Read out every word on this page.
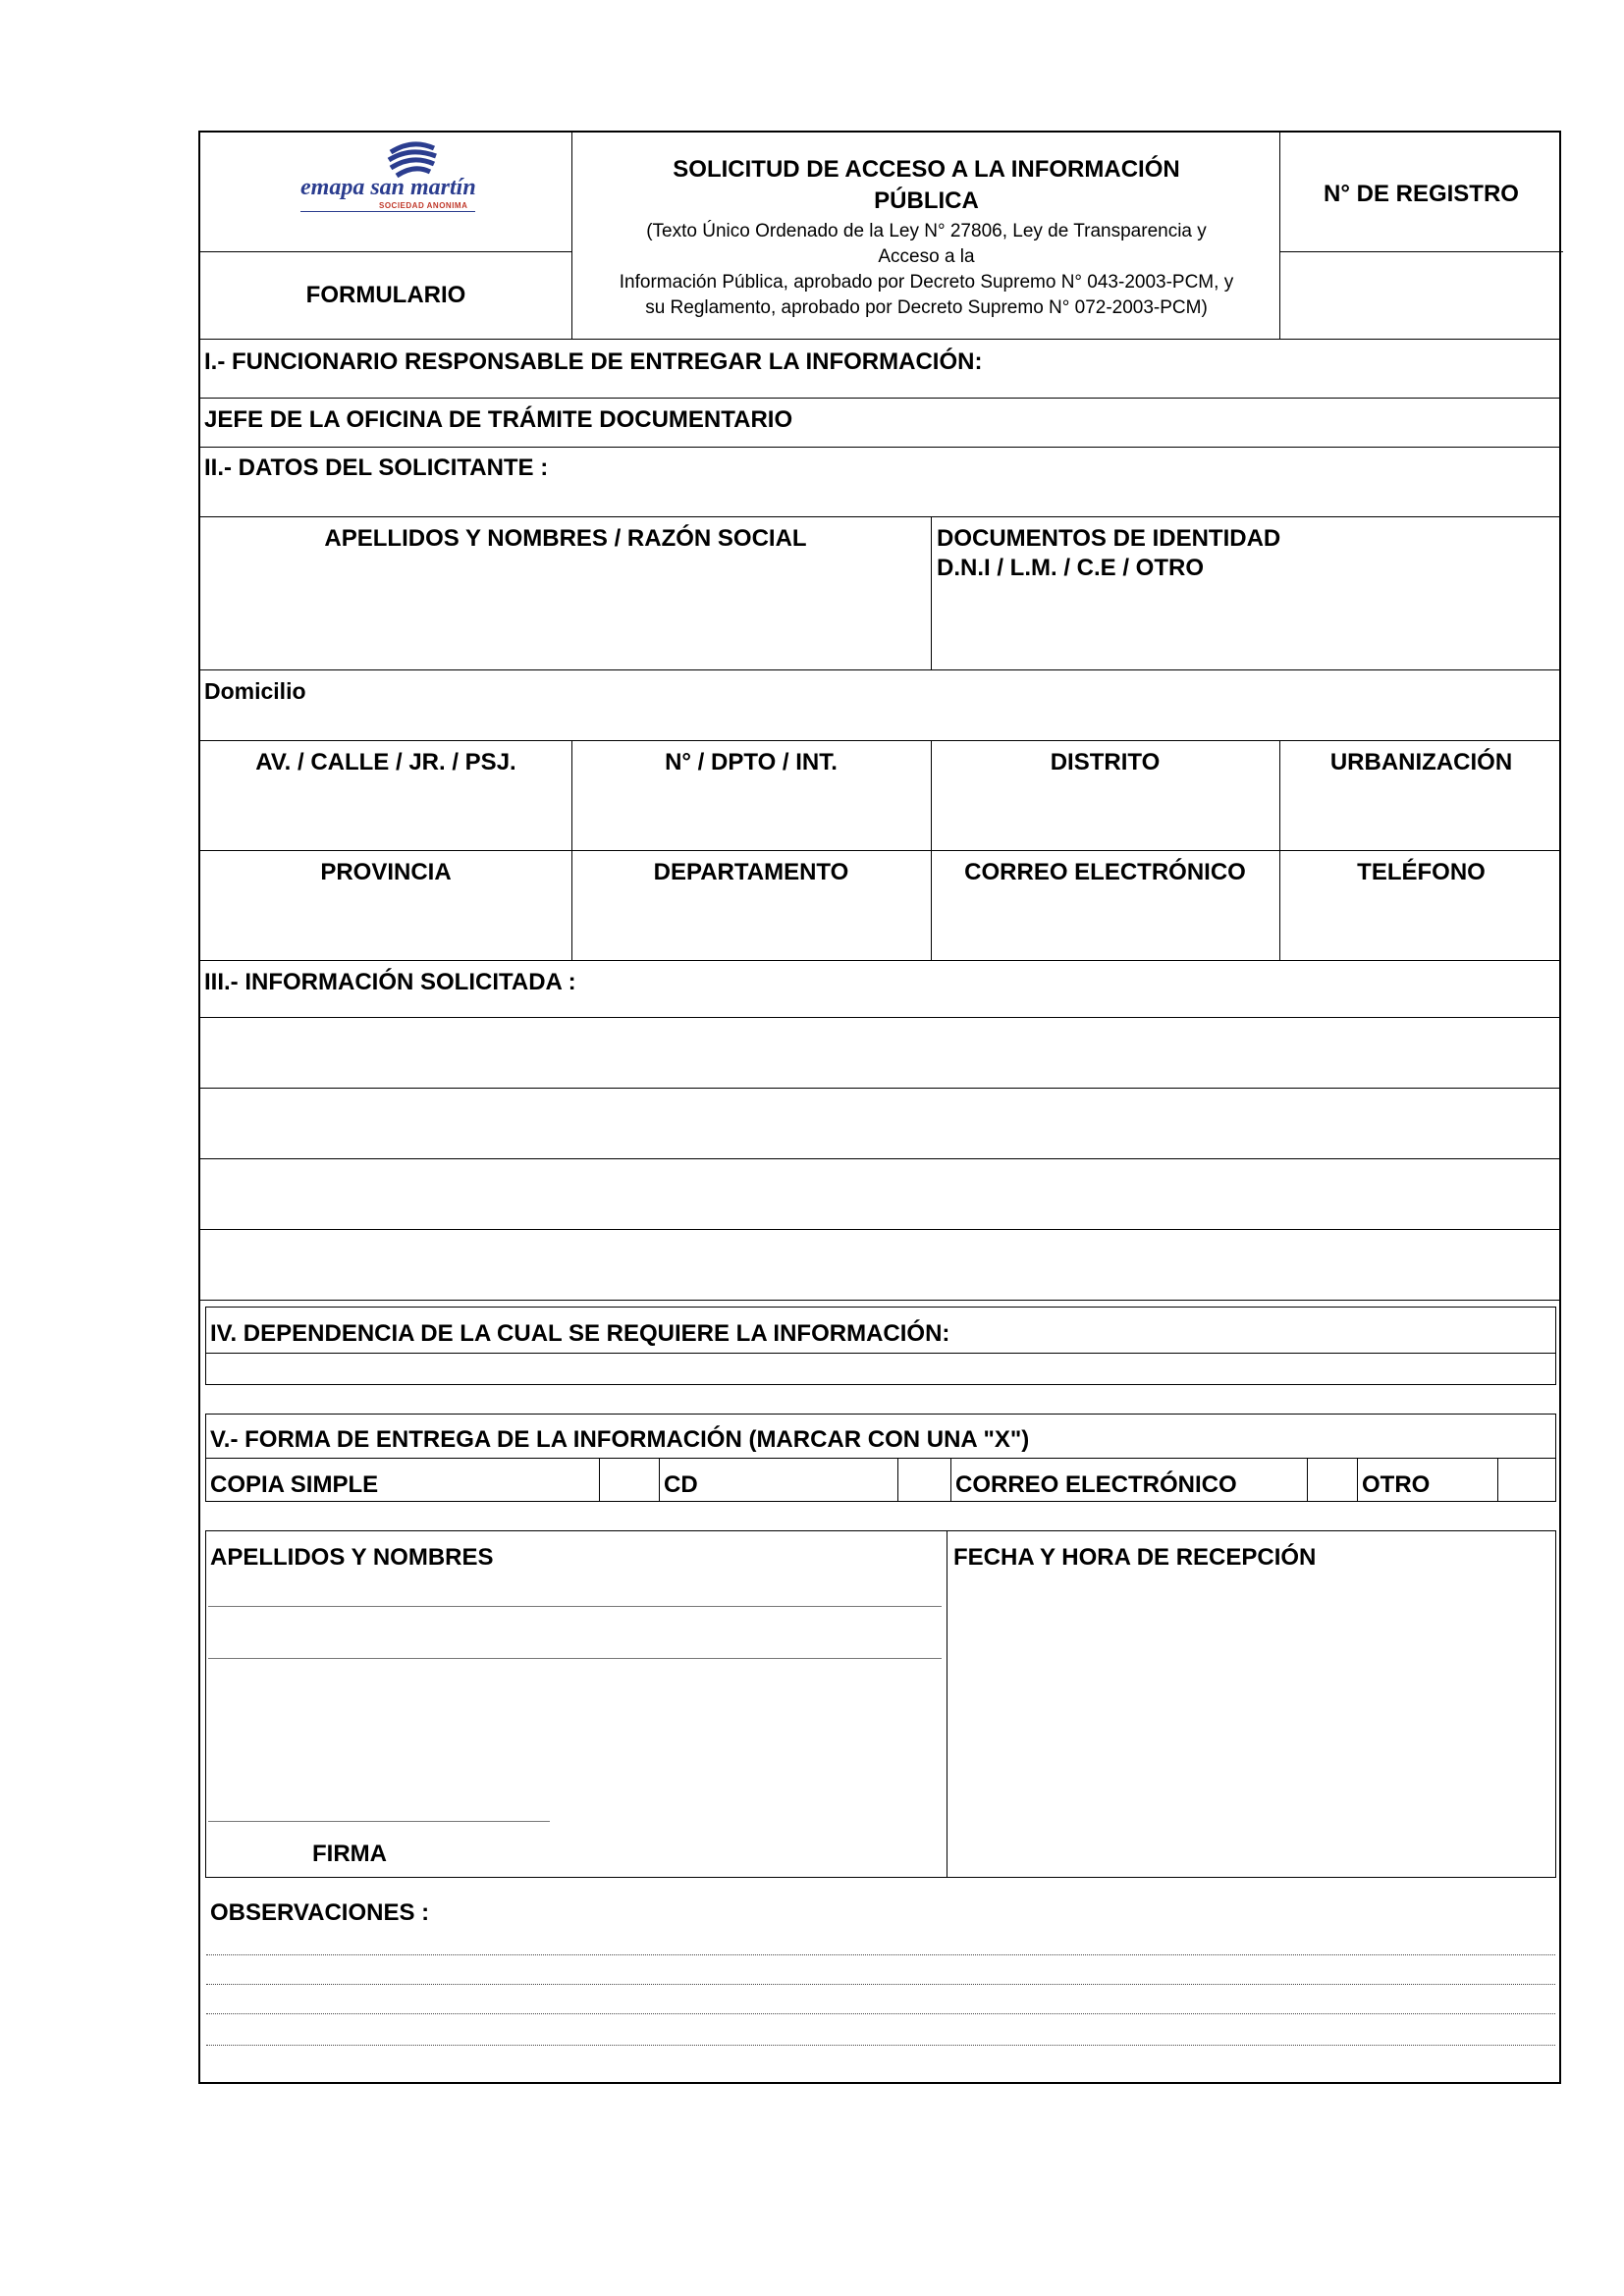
emapa san martín
SOCIEDAD ANONIMA
FORMULARIO
SOLICITUD DE ACCESO A LA INFORMACIÓN
PÚBLICA
(Texto Único Ordenado de la Ley N° 27806, Ley de Transparencia y
Acceso a la
Información Pública, aprobado por Decreto Supremo N° 043-2003-PCM, y
su Reglamento, aprobado por Decreto Supremo N° 072-2003-PCM)
N° DE REGISTRO
I.- FUNCIONARIO RESPONSABLE DE ENTREGAR LA INFORMACIÓN:
JEFE DE LA OFICINA DE TRÁMITE DOCUMENTARIO
II.- DATOS DEL SOLICITANTE :
APELLIDOS Y NOMBRES / RAZÓN SOCIAL	DOCUMENTOS DE IDENTIDAD
D.N.I / L.M. / C.E / OTRO
Domicilio
AV. / CALLE / JR. / PSJ.	N° / DPTO / INT.	DISTRITO	URBANIZACIÓN
PROVINCIA	DEPARTAMENTO	CORREO ELECTRÓNICO	TELÉFONO
III.- INFORMACIÓN SOLICITADA :
IV. DEPENDENCIA DE LA CUAL SE REQUIERE LA INFORMACIÓN:
V.- FORMA DE ENTREGA DE LA INFORMACIÓN (MARCAR CON UNA "X")
COPIA SIMPLE	CD	CORREO ELECTRÓNICO	OTRO
APELLIDOS Y NOMBRES
FIRMA
FECHA Y HORA DE RECEPCIÓN
OBSERVACIONES :
